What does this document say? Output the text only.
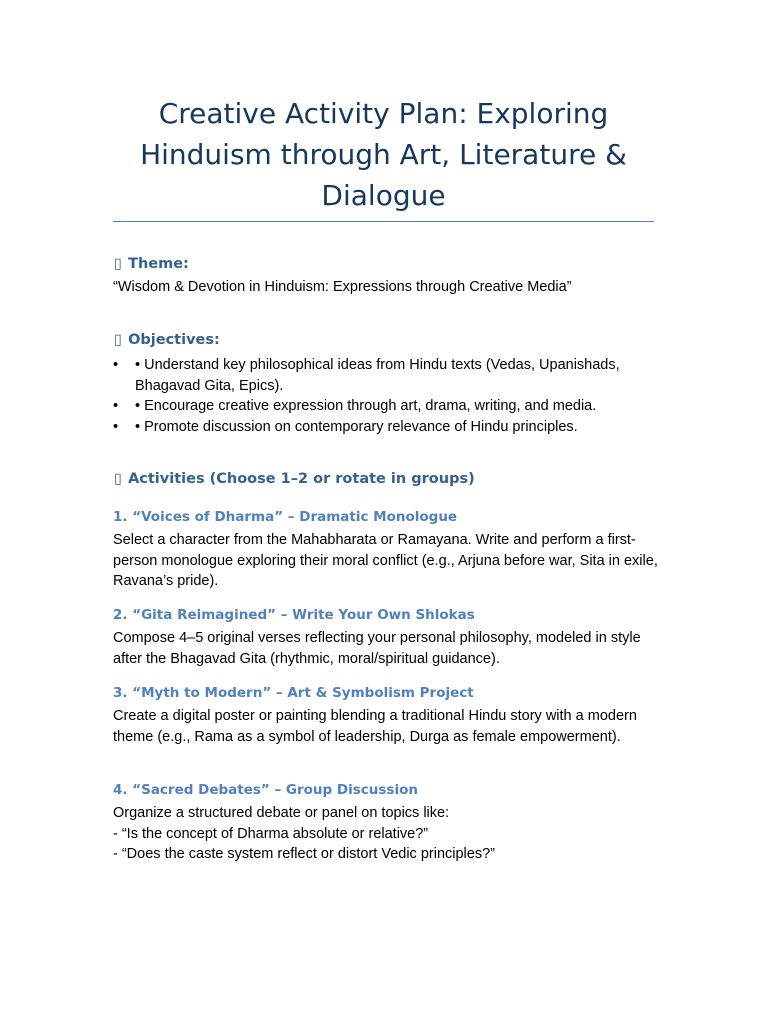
Creative Activity Plan: Exploring Hinduism through Art, Literature & Dialogue
▯ Theme:

“Wisdom & Devotion in Hinduism: Expressions through Creative Media”

▯ Objectives:
• • Understand key philosophical ideas from Hindu texts (Vedas, Upanishads, Bhagavad Gita, Epics).
• • Encourage creative expression through art, drama, writing, and media.
• • Promote discussion on contemporary relevance of Hindu principles.
▯ Activities (Choose 1–2 or rotate in groups)
1. “Voices of Dharma” – Dramatic Monologue

Select a character from the Mahabharata or Ramayana. Write and perform a first-person monologue exploring their moral conflict (e.g., Arjuna before war, Sita in exile, Ravana’s pride).

2. “Gita Reimagined” – Write Your Own Shlokas

Compose 4–5 original verses reflecting your personal philosophy, modeled in style after the Bhagavad Gita (rhythmic, moral/spiritual guidance).

3. “Myth to Modern” – Art & Symbolism Project

Create a digital poster or painting blending a traditional Hindu story with a modern theme (e.g., Rama as a symbol of leadership, Durga as female empowerment).

4. “Sacred Debates” – Group Discussion

Organize a structured debate or panel on topics like:
- “Is the concept of Dharma absolute or relative?”
- “Does the caste system reflect or distort Vedic principles?”
